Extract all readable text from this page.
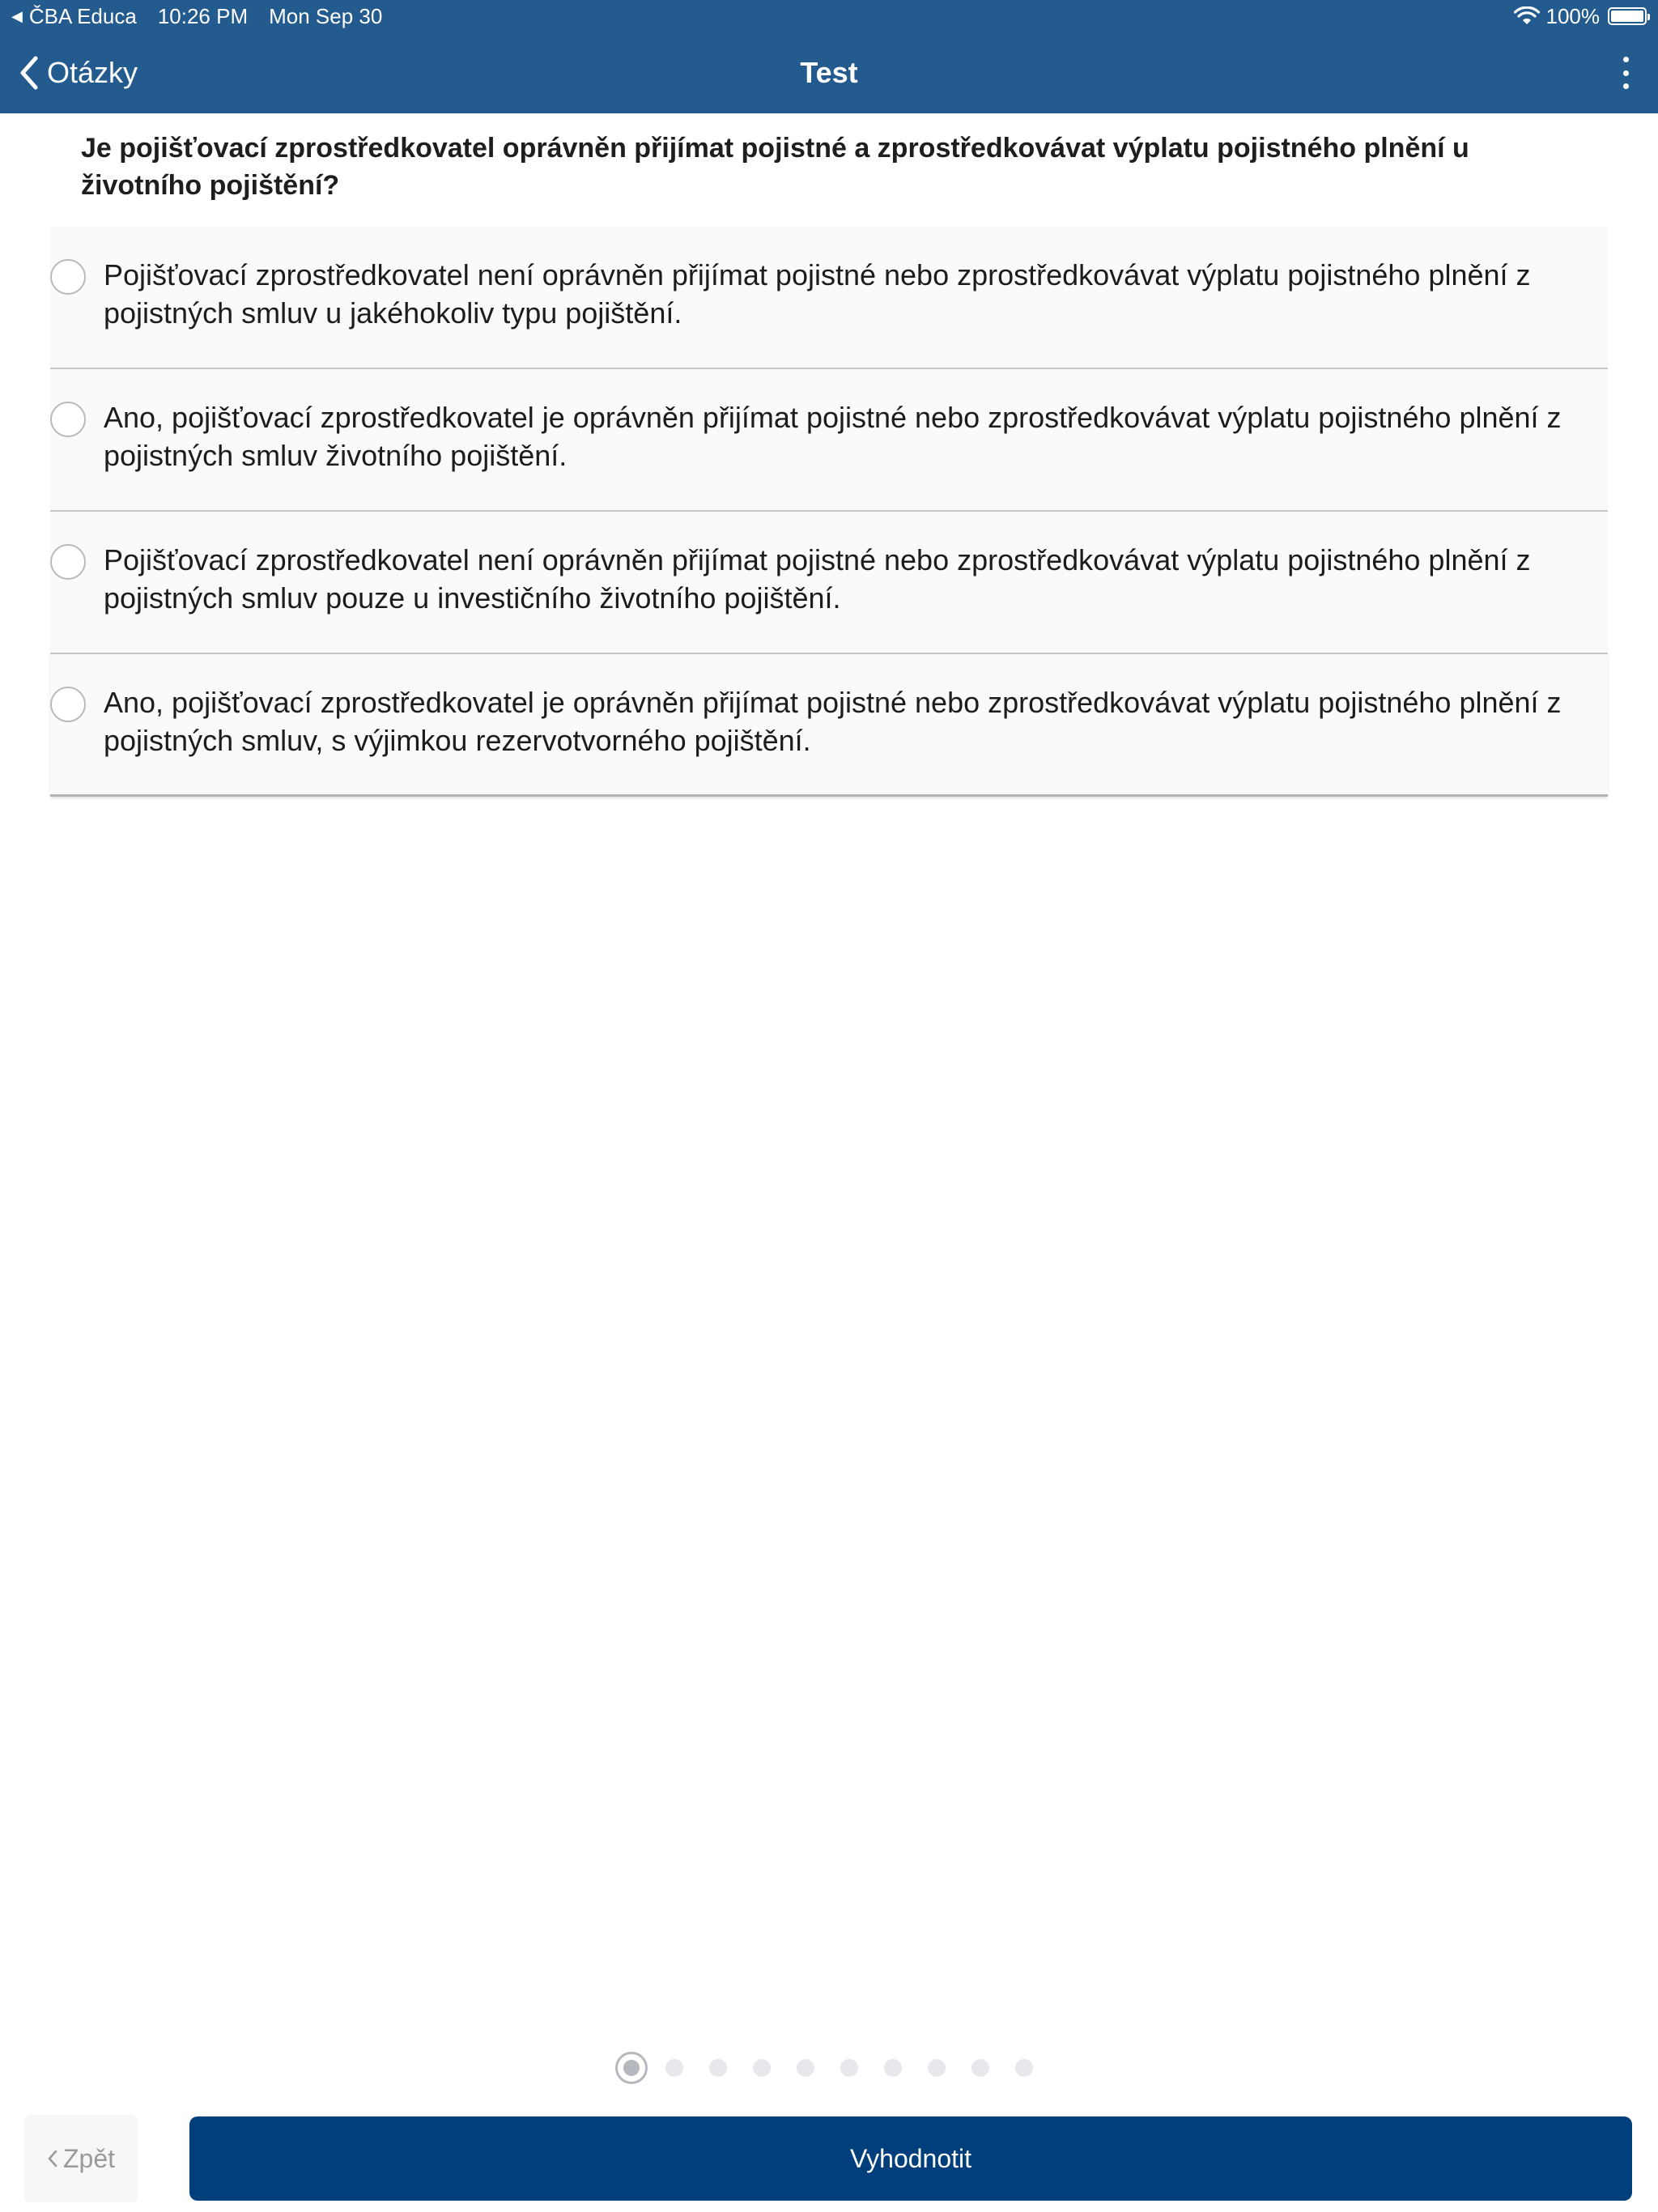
◀ ČBA Educa 10:26 PM Mon Sep 30	100%
Otázky	Test
Je pojišťovací zprostředkovatel oprávněn přijímat pojistné a zprostředkovávat výplatu pojistného plnění u životního pojištění?
Pojišťovací zprostředkovatel není oprávněn přijímat pojistné nebo zprostředkovávat výplatu pojistného plnění z pojistných smluv u jakéhokoliv typu pojištění.
Ano, pojišťovací zprostředkovatel je oprávněn přijímat pojistné nebo zprostředkovávat výplatu pojistného plnění z pojistných smluv životního pojištění.
Pojišťovací zprostředkovatel není oprávněn přijímat pojistné nebo zprostředkovávat výplatu pojistného plnění z pojistných smluv pouze u investičního životního pojištění.
Ano, pojišťovací zprostředkovatel je oprávněn přijímat pojistné nebo zprostředkovávat výplatu pojistného plnění z pojistných smluv, s výjimkou rezervotvorného pojištění.
Zpět	Vyhodnotit
